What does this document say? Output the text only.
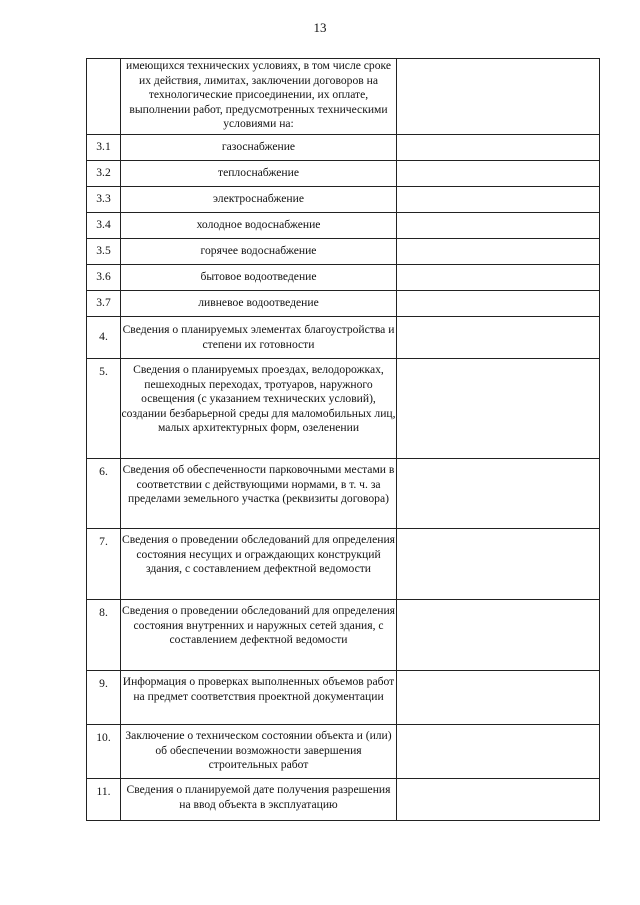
13
	имеющихся технических условиях, в том числе сроке их действия, лимитах, заключении договоров на технологические присоединении, их оплате, выполнении работ, предусмотренных техническими условиями на:	
3.1	газоснабжение	
3.2	теплоснабжение	
3.3	электроснабжение	
3.4	холодное водоснабжение	
3.5	горячее водоснабжение	
3.6	бытовое водоотведение	
3.7	ливневое водоотведение	
4.	Сведения о планируемых элементах благоустройства и степени их готовности	
5.	Сведения о планируемых проездах, велодорожках, пешеходных переходах, тротуаров, наружного освещения (с указанием технических условий), создании безбарьерной среды для маломобильных лиц, малых архитектурных форм, озеленении	
6.	Сведения об обеспеченности парковочными местами в соответствии с действующими нормами, в т. ч. за пределами земельного участка (реквизиты договора)	
7.	Сведения о проведении обследований для определения состояния несущих и ограждающих конструкций здания, с составлением дефектной ведомости	
8.	Сведения о проведении обследований для определения состояния внутренних и наружных сетей здания, с составлением дефектной ведомости	
9.	Информация о проверках выполненных объемов работ на предмет соответствия проектной документации	
10.	Заключение о техническом состоянии объекта и (или) об обеспечении возможности завершения строительных работ	
11.	Сведения о планируемой дате получения разрешения на ввод объекта в эксплуатацию	
